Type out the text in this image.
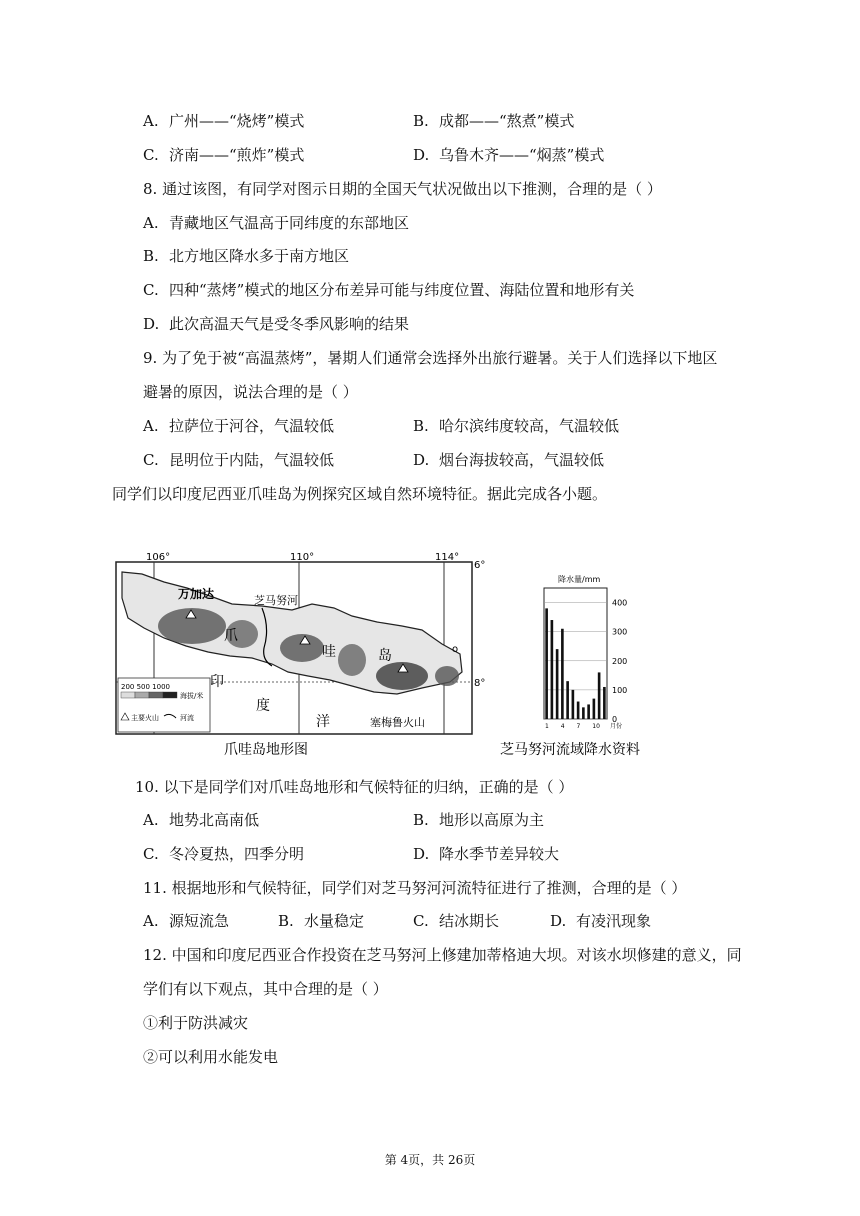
A. 广州——“烧烤”模式	B. 成都——“熬煮”模式
C. 济南——“煎炸”模式	D. 乌鲁木齐——“焖蒸”模式
8. 通过该图，有同学对图示日期的全国天气状况做出以下推测，合理的是（ ）
A. 青藏地区气温高于同纬度的东部地区
B. 北方地区降水多于南方地区
C. 四种“蒸烤”模式的地区分布差异可能与纬度位置、海陆位置和地形有关
D. 此次高温天气是受冬季风影响的结果
9. 为了免于被“高温蒸烤”，暑期人们通常会选择外出旅行避暑。关于人们选择以下地区
避暑的原因，说法合理的是（ ）
A. 拉萨位于河谷，气温较低	B. 哈尔滨纬度较高，气温较低
C. 昆明位于内陆，气温较低	D. 烟台海拔较高，气温较低
同学们以印度尼西亚爪哇岛为例探究区域自然环境特征。据此完成各小题。
106°	110°	114°
6°
8°
万加达	芝马努河
爪
哇	岛
印
度
洋	塞梅鲁火山
o
200 500 1000
海拔/米
主要火山	河流
爪哇岛地形图
降水量/mm
400
300
200
100
0
1 4 7 10 月份
芝马努河流域降水资料
10. 以下是同学们对爪哇岛地形和气候特征的归纳，正确的是（ ）
A. 地势北高南低	B. 地形以高原为主
C. 冬冷夏热，四季分明	D. 降水季节差异较大
11. 根据地形和气候特征，同学们对芝马努河河流特征进行了推测，合理的是（ ）
A. 源短流急	B. 水量稳定	C. 结冰期长	D. 有凌汛现象
12. 中国和印度尼西亚合作投资在芝马努河上修建加蒂格迪大坝。对该水坝修建的意义，同
学们有以下观点，其中合理的是（ ）
①利于防洪减灾
②可以利用水能发电
第 4页，共 26页
